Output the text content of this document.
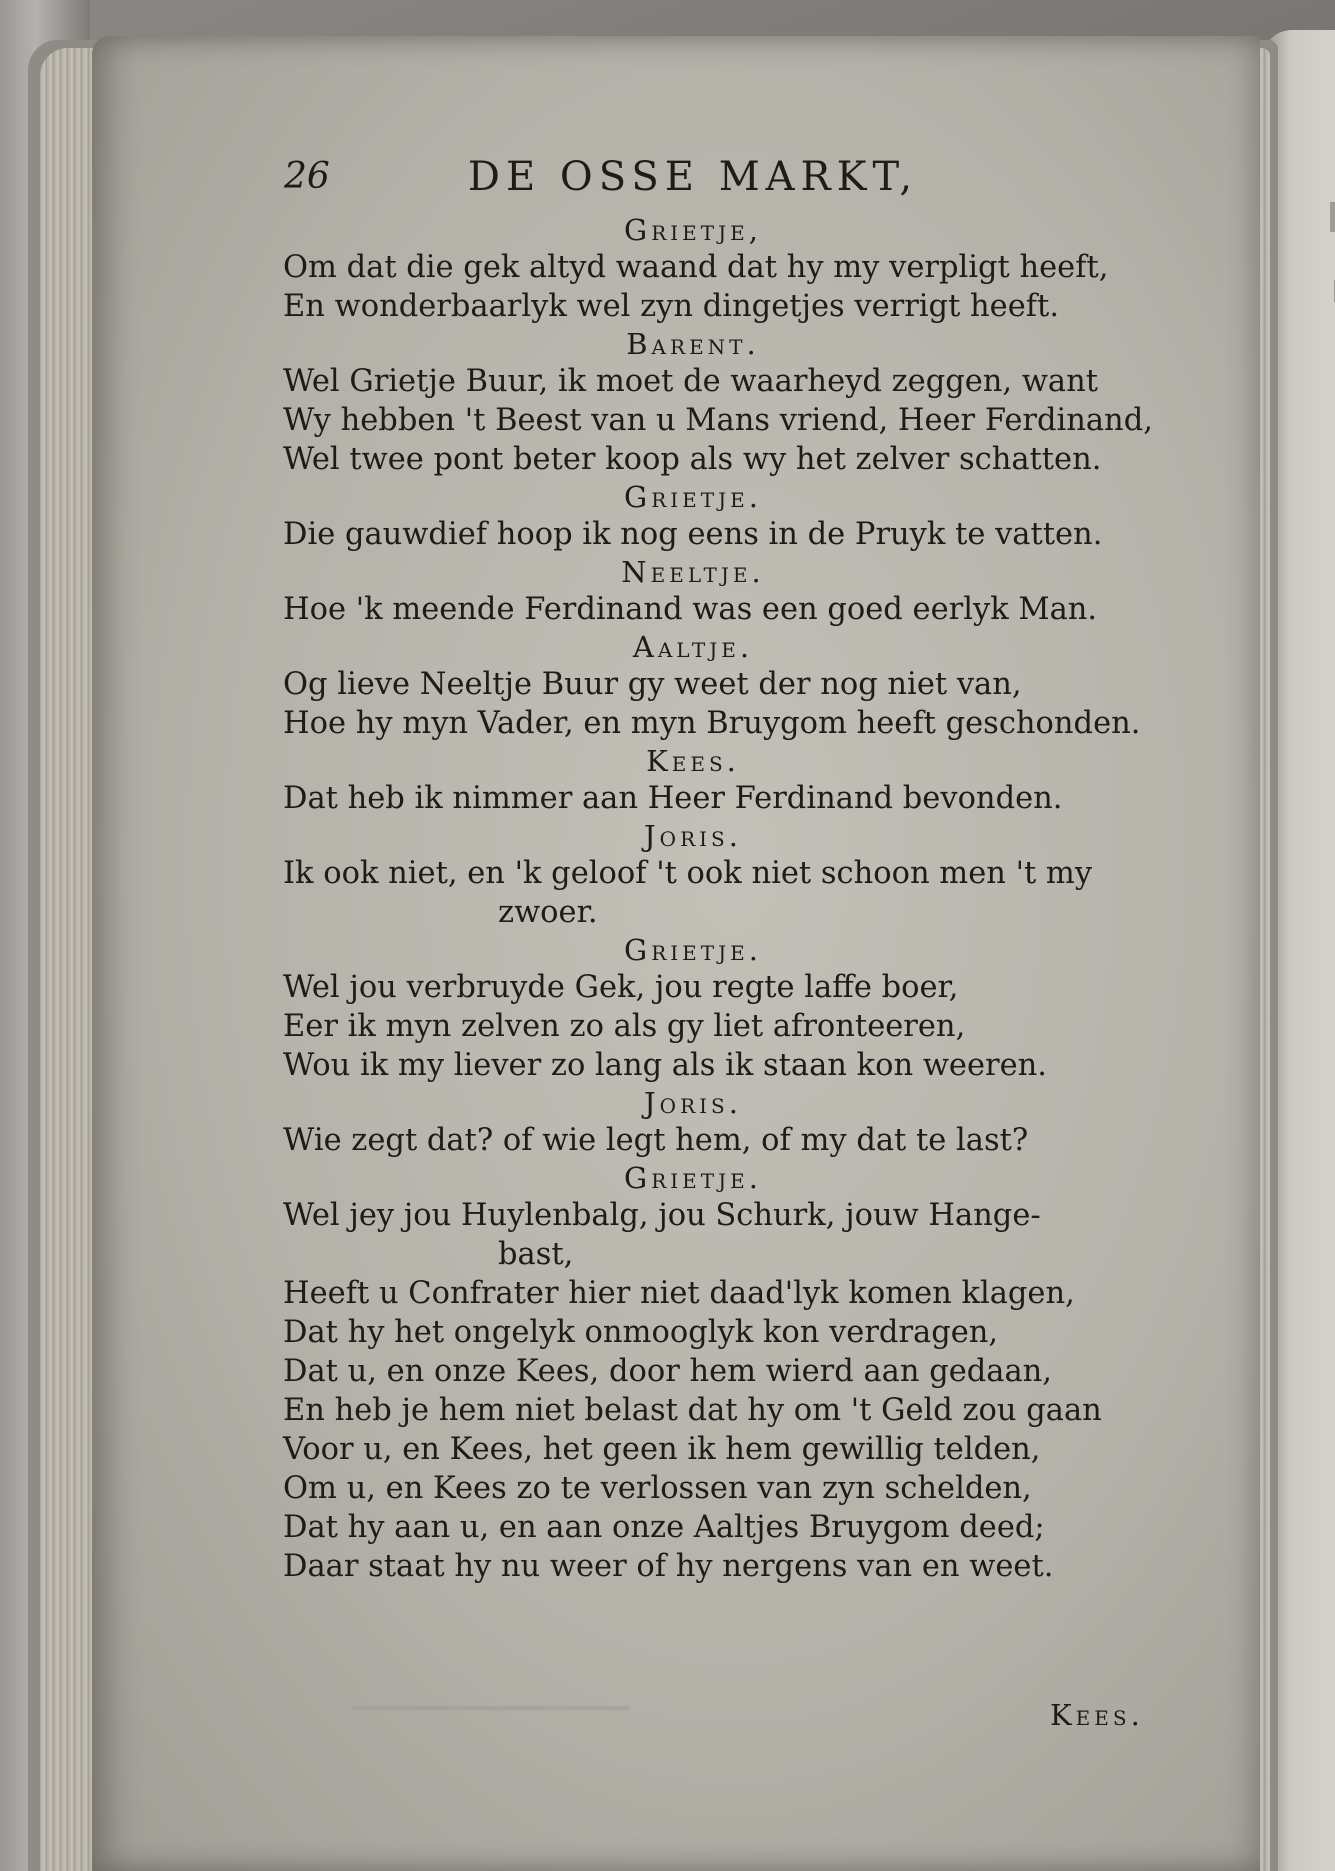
▁▁▁▁▁▁▁▁▁▁▁▁
26	DE OSSE MARKT,
Grietje,
Om dat die gek altyd waand dat hy my verpligt heeft,
En wonderbaarlyk wel zyn dingetjes verrigt heeft.
Barent.
Wel Grietje Buur, ik moet de waarheyd zeggen, want
Wy hebben 't Beest van u Mans vriend, Heer Ferdinand,
Wel twee pont beter koop als wy het zelver schatten.
Grietje.
Die gauwdief hoop ik nog eens in de Pruyk te vatten.
Neeltje.
Hoe 'k meende Ferdinand was een goed eerlyk Man.
Aaltje.
Og lieve Neeltje Buur gy weet der nog niet van,
Hoe hy myn Vader, en myn Bruygom heeft geschonden.
Kees.
Dat heb ik nimmer aan Heer Ferdinand bevonden.
Joris.
Ik ook niet, en 'k geloof 't ook niet schoon men 't my
zwoer.
Grietje.
Wel jou verbruyde Gek, jou regte laffe boer,
Eer ik myn zelven zo als gy liet afronteeren,
Wou ik my liever zo lang als ik staan kon weeren.
Joris.
Wie zegt dat? of wie legt hem, of my dat te last?
Grietje.
Wel jey jou Huylenbalg, jou Schurk, jouw Hange-
bast,
Heeft u Confrater hier niet daad'lyk komen klagen,
Dat hy het ongelyk onmooglyk kon verdragen,
Dat u, en onze Kees, door hem wierd aan gedaan,
En heb je hem niet belast dat hy om 't Geld zou gaan
Voor u, en Kees, het geen ik hem gewillig telden,
Om u, en Kees zo te verlossen van zyn schelden,
Dat hy aan u, en aan onze Aaltjes Bruygom deed;
Daar staat hy nu weer of hy nergens van en weet.
Kees.
